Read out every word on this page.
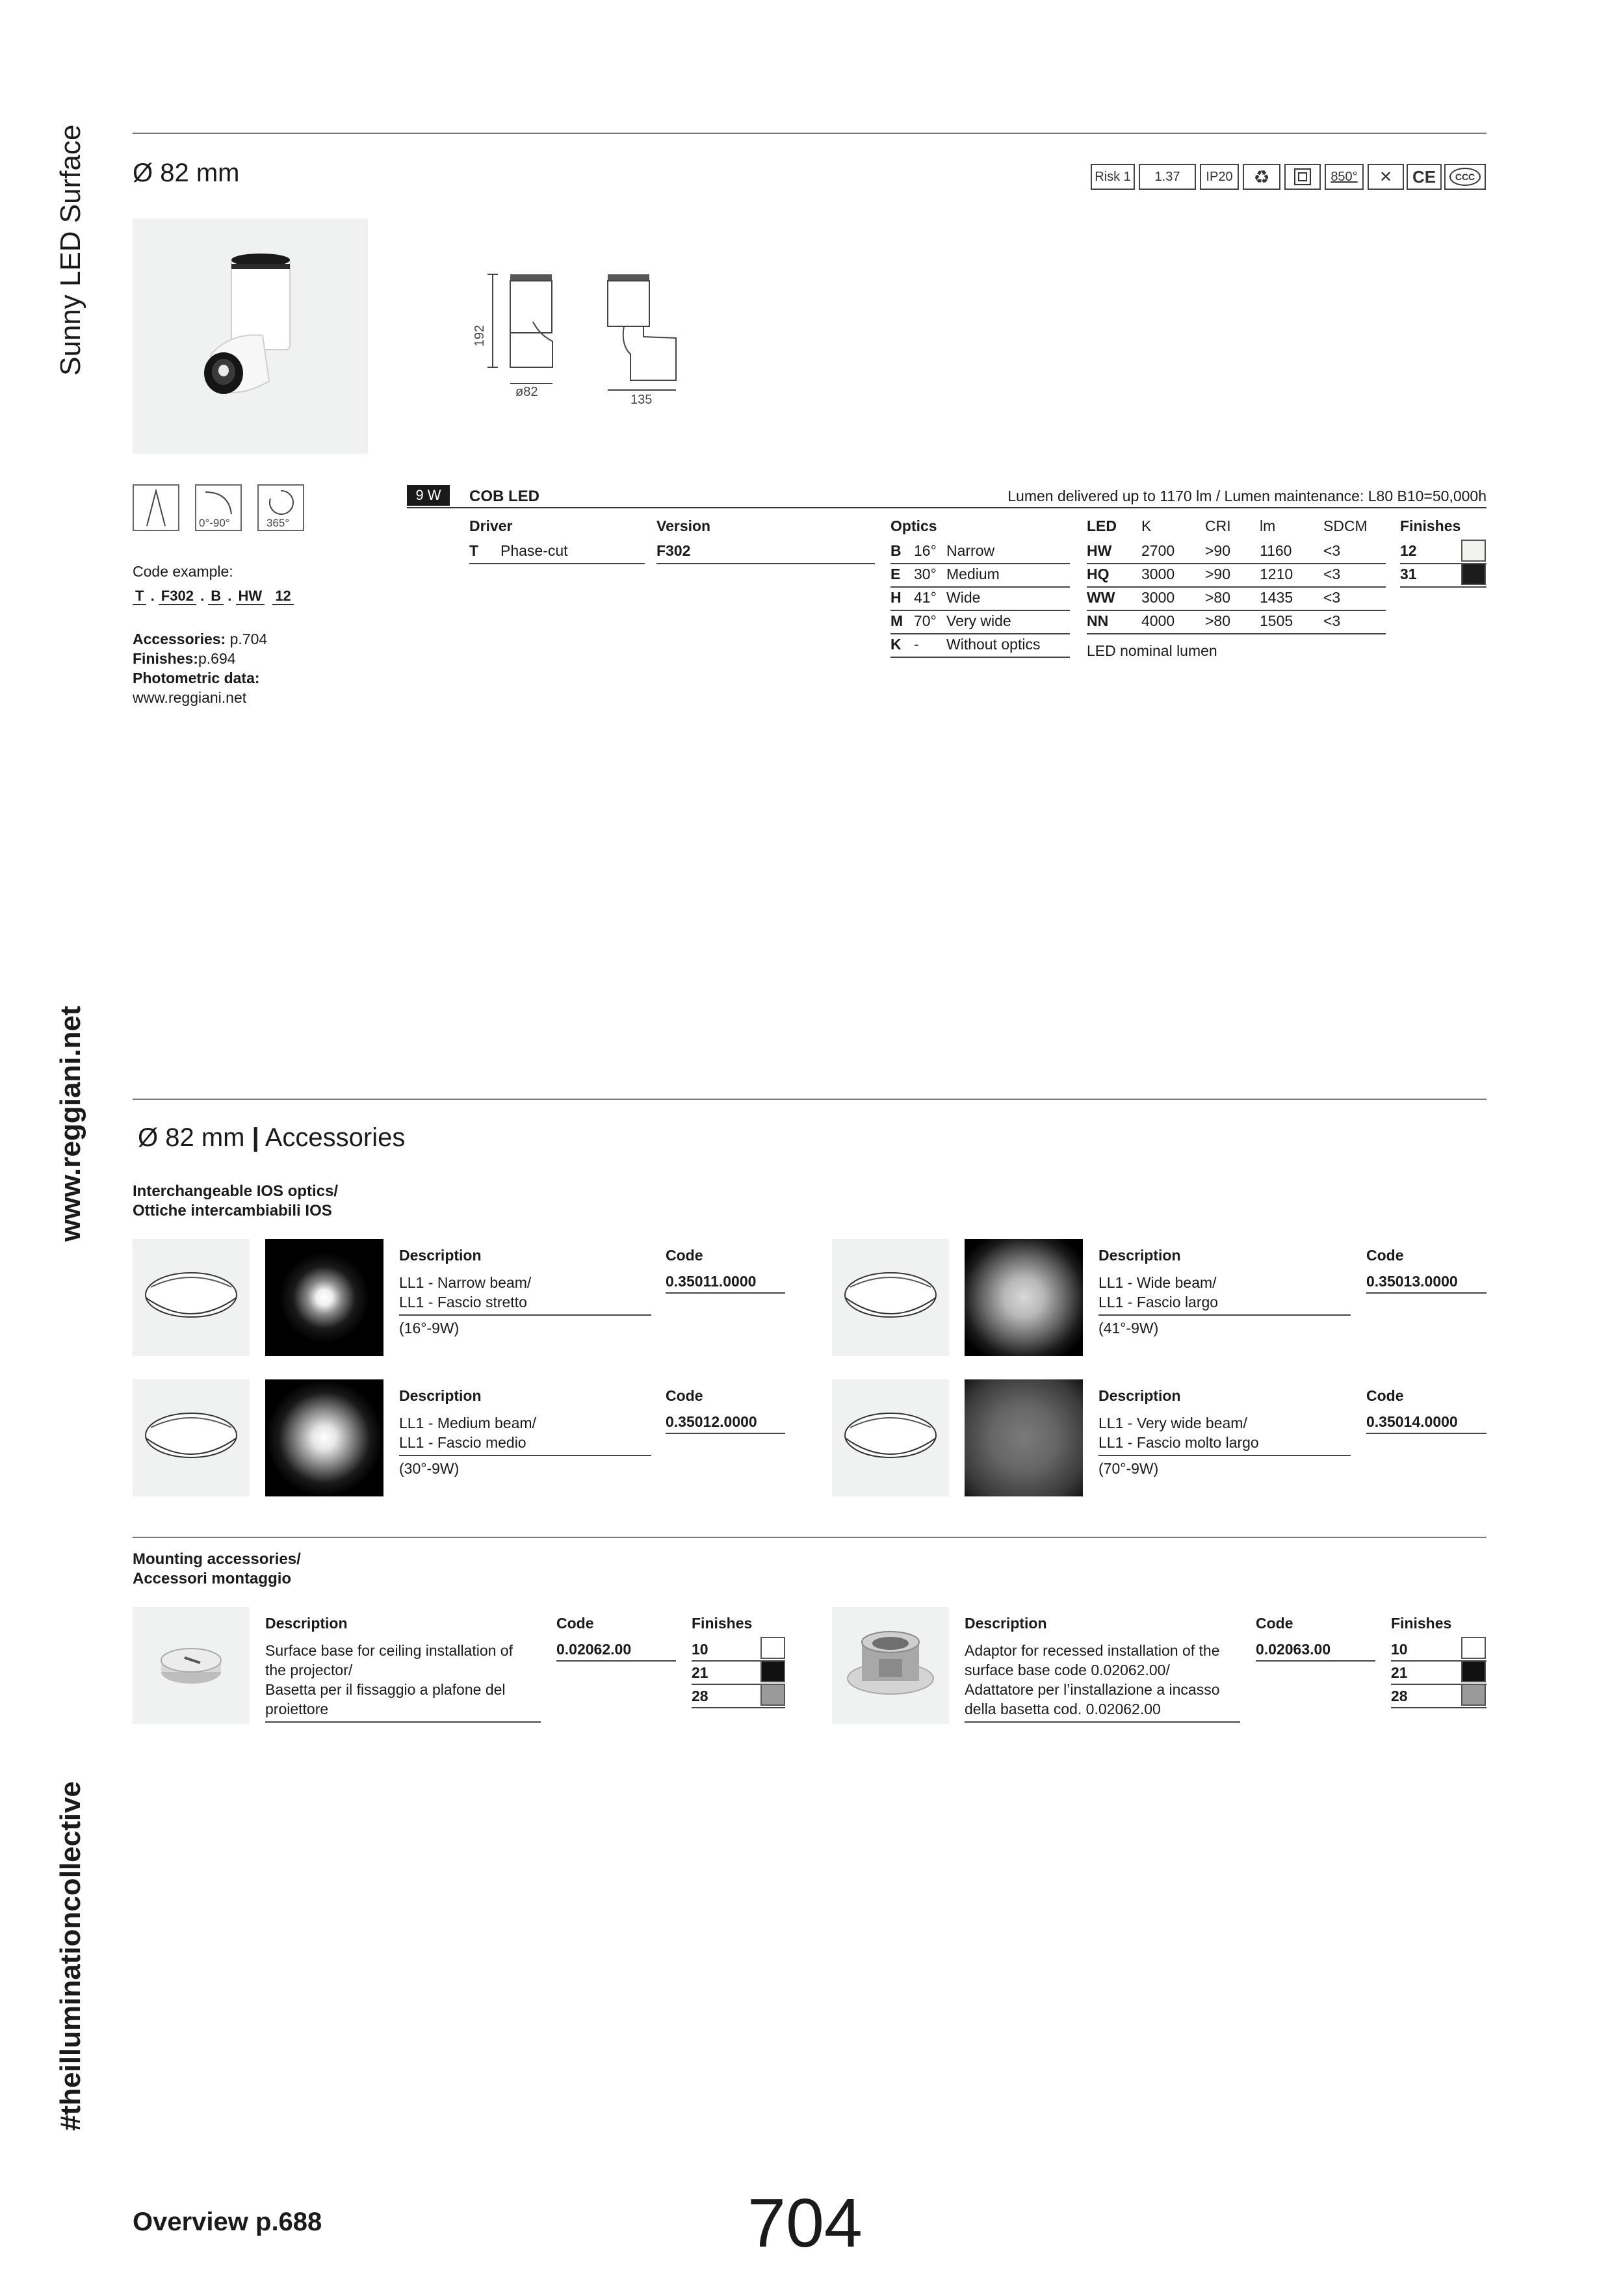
Sunny LED Surface
www.reggiani.net
#theilluminationcollective
Ø 82 mm	Risk 1 1.37 IP20	♻	850°	✕	CE CCC
192
ø82
135
0°-90°	365°
Code example:
T . F302 . B . HW 12
Accessories: p.704
Finishes:p.694
Photometric data:
www.reggiani.net
9 W	COB LED	Lumen delivered up to 1170 lm / Lumen maintenance: L80 B10=50,000h
Driver
T Phase-cut
Version
F302
Optics
B 16° Narrow
E 30° Medium
H 41° Wide
M 70° Very wide
K - Without optics
LED K	CRI lm	SDCM
HW 2700 >90 1160 <3
HQ 3000 >90 1210 <3
WW 3000 >80 1435 <3
NN 4000 >80 1505 <3
LED nominal lumen
Finishes
12
31
Ø 82 mm | Accessories
Interchangeable IOS optics/
Ottiche intercambiabili IOS
Description
LL1 - Narrow beam/
LL1 - Fascio stretto
(16°-9W)
Code
0.35011.0000
Description
LL1 - Wide beam/
LL1 - Fascio largo
(41°-9W)
Code
0.35013.0000
Description
LL1 - Medium beam/
LL1 - Fascio medio
(30°-9W)
Code
0.35012.0000
Description
LL1 - Very wide beam/
LL1 - Fascio molto largo
(70°-9W)
Code
0.35014.0000
Mounting accessories/
Accessori montaggio
Description
Surface base for ceiling installation of
the projector/
Basetta per il fissaggio a plafone del
proiettore
Code
0.02062.00
Finishes
10
21
28
Description
Adaptor for recessed installation of the
surface base code 0.02062.00/
Adattatore per l’installazione a incasso
della basetta cod. 0.02062.00
Code
0.02063.00
Finishes
10
21
28
Overview p.688	704
